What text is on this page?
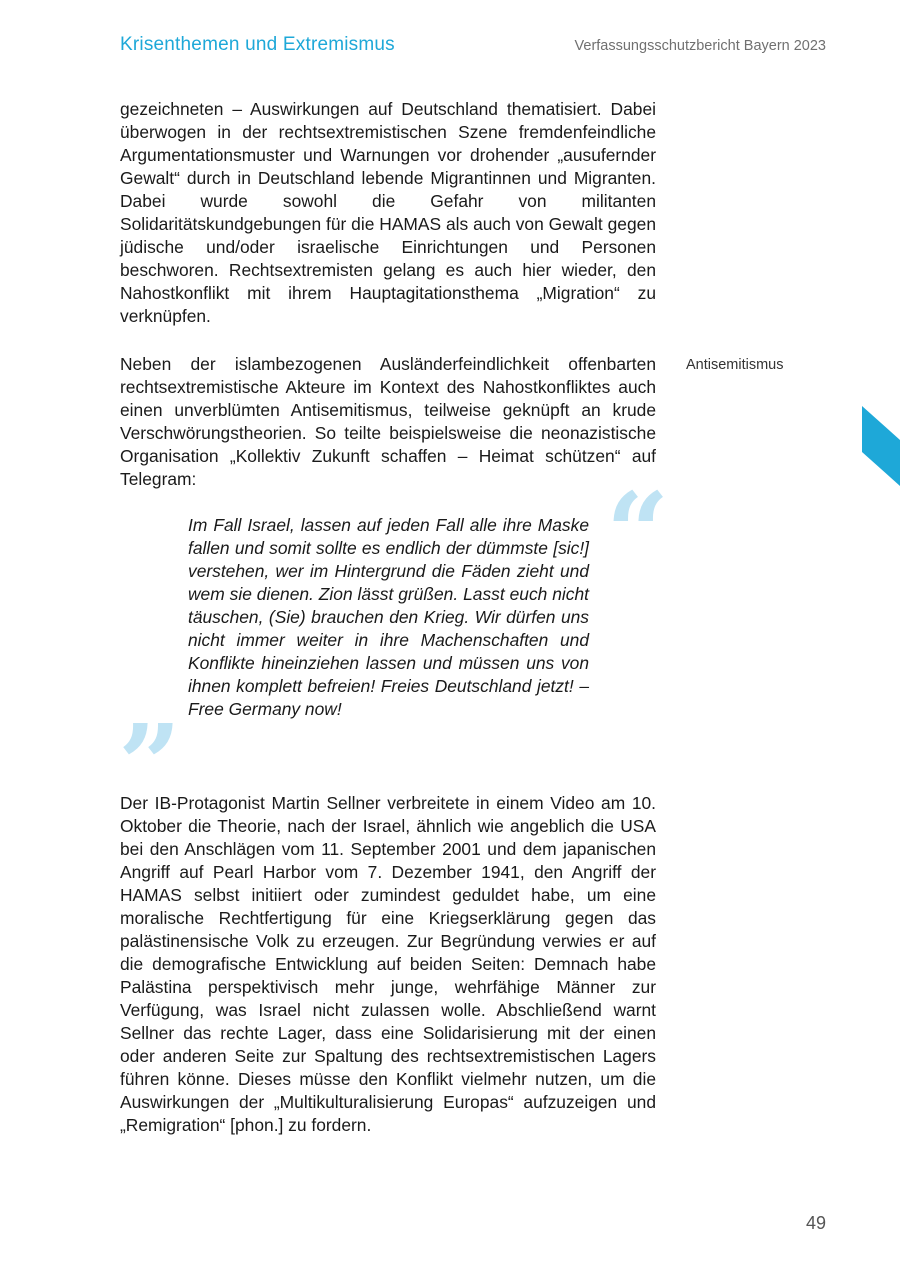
Krisenthemen und Extremismus	Verfassungsschutzbericht Bayern 2023

gezeichneten – Auswirkungen auf Deutschland thematisiert. Dabei überwogen in der rechtsextremistischen Szene fremdenfeindliche Argumentationsmuster und Warnungen vor drohender „ausufernder Gewalt“ durch in Deutschland lebende Migrantinnen und Migranten. Dabei wurde sowohl die Gefahr von militanten Solidaritätskundgebungen für die HAMAS als auch von Gewalt gegen jüdische und/oder israelische Einrichtungen und Personen beschworen. Rechtsextremisten gelang es auch hier wieder, den Nahostkonflikt mit ihrem Hauptagitationsthema „Migration“ zu verknüpfen.

Neben der islambezogenen Ausländerfeindlichkeit offenbarten rechtsextremistische Akteure im Kontext des Nahostkonfliktes auch einen unverblümten Antisemitismus, teilweise geknüpft an krude Verschwörungstheorien. So teilte beispielsweise die neonazistische Organisation „Kollektiv Zukunft schaffen – Heimat schützen“ auf Telegram:

Antisemitismus
“

Im Fall Israel, lassen auf jeden Fall alle ihre Maske fallen und somit sollte es endlich der dümmste [sic!] verstehen, wer im Hintergrund die Fäden zieht und wem sie dienen. Zion lässt grüßen. Lasst euch nicht täuschen, (Sie) brauchen den Krieg. Wir dürfen uns nicht immer weiter in ihre Machenschaften und Konflikte hineinziehen lassen und müssen uns von ihnen komplett befreien! Freies Deutschland jetzt! – Free Germany now!

”

Der IB-Protagonist Martin Sellner verbreitete in einem Video am 10. Oktober die Theorie, nach der Israel, ähnlich wie angeblich die USA bei den Anschlägen vom 11. September 2001 und dem japanischen Angriff auf Pearl Harbor vom 7. Dezember 1941, den Angriff der HAMAS selbst initiiert oder zumindest geduldet habe, um eine moralische Rechtfertigung für eine Kriegserklärung gegen das palästinensische Volk zu erzeugen. Zur Begründung verwies er auf die demografische Entwicklung auf beiden Seiten: Demnach habe Palästina perspektivisch mehr junge, wehrfähige Männer zur Verfügung, was Israel nicht zulassen wolle. Abschließend warnt Sellner das rechte Lager, dass eine Solidarisierung mit der einen oder anderen Seite zur Spaltung des rechtsextremistischen Lagers führen könne. Dieses müsse den Konflikt vielmehr nutzen, um die Auswirkungen der „Multikulturalisierung Europas“ aufzuzeigen und „Remigration“ [phon.] zu fordern.

49
